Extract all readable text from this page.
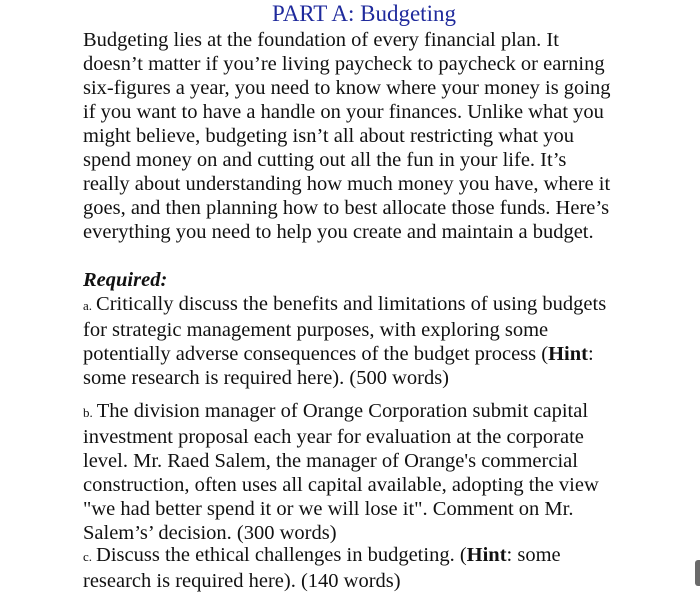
PART A: Budgeting

Budgeting lies at the foundation of every financial plan. It
doesn’t matter if you’re living paycheck to paycheck or earning
six-figures a year, you need to know where your money is going
if you want to have a handle on your finances. Unlike what you
might believe, budgeting isn’t all about restricting what you
spend money on and cutting out all the fun in your life. It’s
really about understanding how much money you have, where it
goes, and then planning how to best allocate those funds. Here’s
everything you need to help you create and maintain a budget.

Required:

a. Critically discuss the benefits and limitations of using budgets
for strategic management purposes, with exploring some
potentially adverse consequences of the budget process (Hint:
some research is required here). (500 words)

b. The division manager of Orange Corporation submit capital
investment proposal each year for evaluation at the corporate
level. Mr. Raed Salem, the manager of Orange's commercial
construction, often uses all capital available, adopting the view
"we had better spend it or we will lose it". Comment on Mr.
Salem’s’ decision. (300 words)

c. Discuss the ethical challenges in budgeting. (Hint: some
research is required here). (140 words)
